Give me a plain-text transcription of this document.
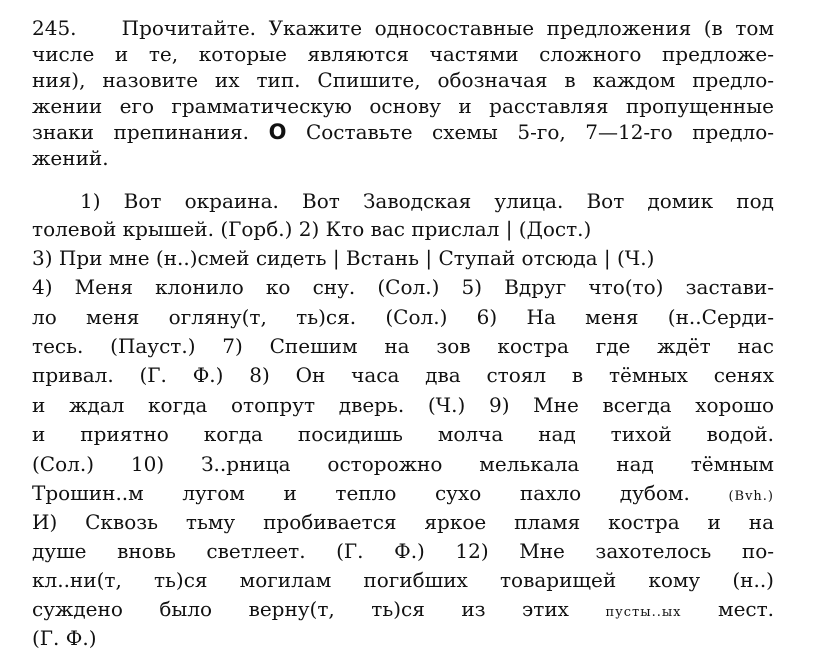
245. Прочитайте. Укажите односоставные предложения (в том
числе и те, которые являются частями сложного предложе-
ния), назовите их тип. Спишите, обозначая в каждом предло-
жении его грамматическую основу и расставляя пропущенные
знаки препинания. О Составьте схемы 5-го, 7—12-го предло-
жений.
1) Вот окраина. Вот Заводская улица. Вот домик под
толевой крышей. (Горб.) 2) Кто вас прислал | (Дост.)
3) При мне (н..)смей сидеть | Встань | Ступай отсюда | (Ч.)
4) Меня клонило ко сну. (Сол.) 5) Вдруг что(то) застави-
ло меня огляну(т, ть)ся. (Сол.) 6) На меня (н..Серди-
тесь. (Пауст.) 7) Спешим на зов костра где ждёт нас
привал. (Г. Ф.) 8) Он часа два стоял в тёмных сенях
и ждал когда отопрут дверь. (Ч.) 9) Мне всегда хорошо
и приятно когда посидишь молча над тихой водой.
(Сол.) 10) З..рница осторожно мелькала над тёмным
Трошин..м лугом и тепло сухо пахло дубом.	(Bvh.)
И) Сквозь тьму пробивается яркое пламя костра и на
душе вновь светлеет. (Г. Ф.) 12) Мне захотелось по-
кл..ни(т, ть)ся могилам погибших товарищей кому (н..)
суждено было верну(т, ть)ся из этих	пусты..ых мест.
(Г. Ф.)
